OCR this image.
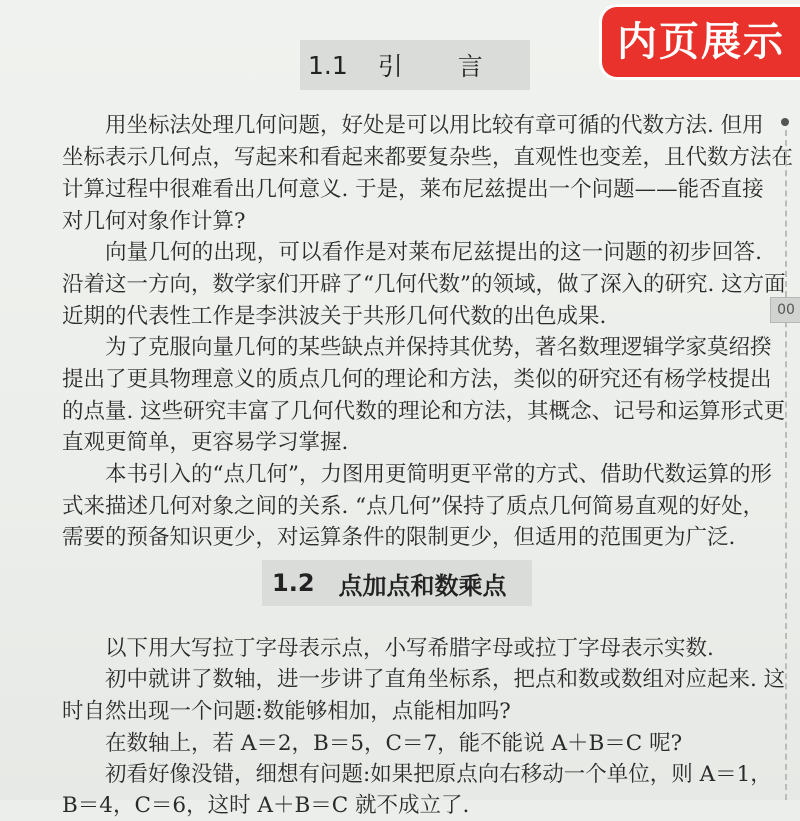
内页展示
1.1 引 言
用坐标法处理几何问题，好处是可以用比较有章可循的代数方法. 但用
坐标表示几何点，写起来和看起来都要复杂些，直观性也变差，且代数方法在
计算过程中很难看出几何意义. 于是，莱布尼兹提出一个问题——能否直接
对几何对象作计算?
向量几何的出现，可以看作是对莱布尼兹提出的这一问题的初步回答.
沿着这一方向，数学家们开辟了“几何代数”的领域，做了深入的研究. 这方面
近期的代表性工作是李洪波关于共形几何代数的出色成果.
为了克服向量几何的某些缺点并保持其优势，著名数理逻辑学家莫绍揆
提出了更具物理意义的质点几何的理论和方法，类似的研究还有杨学枝提出
的点量. 这些研究丰富了几何代数的理论和方法，其概念、记号和运算形式更
直观更简单，更容易学习掌握.
本书引入的“点几何”，力图用更简明更平常的方式、借助代数运算的形
式来描述几何对象之间的关系. “点几何”保持了质点几何简易直观的好处，
需要的预备知识更少，对运算条件的限制更少，但适用的范围更为广泛.
1.2 点加点和数乘点
以下用大写拉丁字母表示点，小写希腊字母或拉丁字母表示实数.
初中就讲了数轴，进一步讲了直角坐标系，把点和数或数组对应起来. 这
时自然出现一个问题:数能够相加，点能相加吗?
在数轴上，若 A＝2，B＝5，C＝7，能不能说 A＋B＝C 呢?
初看好像没错，细想有问题:如果把原点向右移动一个单位，则 A＝1，
B＝4，C＝6，这时 A＋B＝C 就不成立了.
00
